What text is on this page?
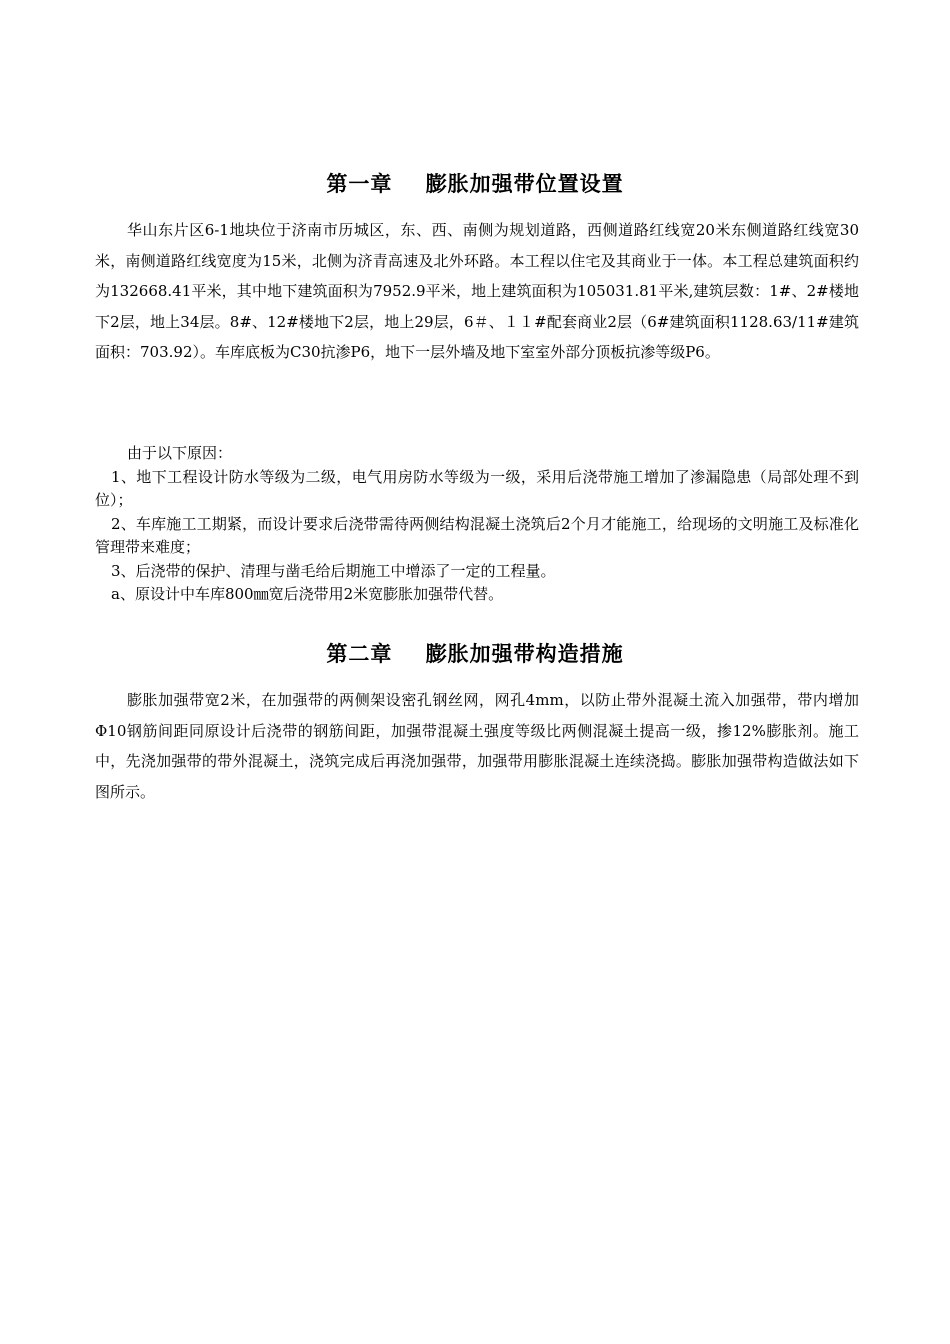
第一章    膨胀加强带位置设置

华山东片区6-1地块位于济南市历城区，东、西、南侧为规划道路，西侧道路红线宽20米东侧道路红线宽30米，南侧道路红线宽度为15米，北侧为济青高速及北外环路。本工程以住宅及其商业于一体。本工程总建筑面积约为132668.41平米，其中地下建筑面积为7952.9平米，地上建筑面积为105031.81平米,建筑层数：1#、2#楼地下2层，地上34层。8#、12#楼地下2层，地上29层，6＃、１１#配套商业2层（6#建筑面积1128.63/11#建筑面积：703.92）。车库底板为C30抗渗P6，地下一层外墙及地下室室外部分顶板抗渗等级P6。

由于以下原因：

1、地下工程设计防水等级为二级，电气用房防水等级为一级，采用后浇带施工增加了渗漏隐患（局部处理不到位）；

2、车库施工工期紧，而设计要求后浇带需待两侧结构混凝土浇筑后2个月才能施工，给现场的文明施工及标准化管理带来难度；

3、后浇带的保护、清理与凿毛给后期施工中增添了一定的工程量。

a、原设计中车库800㎜宽后浇带用2米宽膨胀加强带代替。

第二章    膨胀加强带构造措施

膨胀加强带宽2米，在加强带的两侧架设密孔钢丝网，网孔4mm，以防止带外混凝土流入加强带，带内增加 Φ10钢筋间距同原设计后浇带的钢筋间距，加强带混凝土强度等级比两侧混凝土提高一级，掺12%膨胀剂。施工中，先浇加强带的带外混凝土，浇筑完成后再浇加强带，加强带用膨胀混凝土连续浇捣。膨胀加强带构造做法如下图所示。
